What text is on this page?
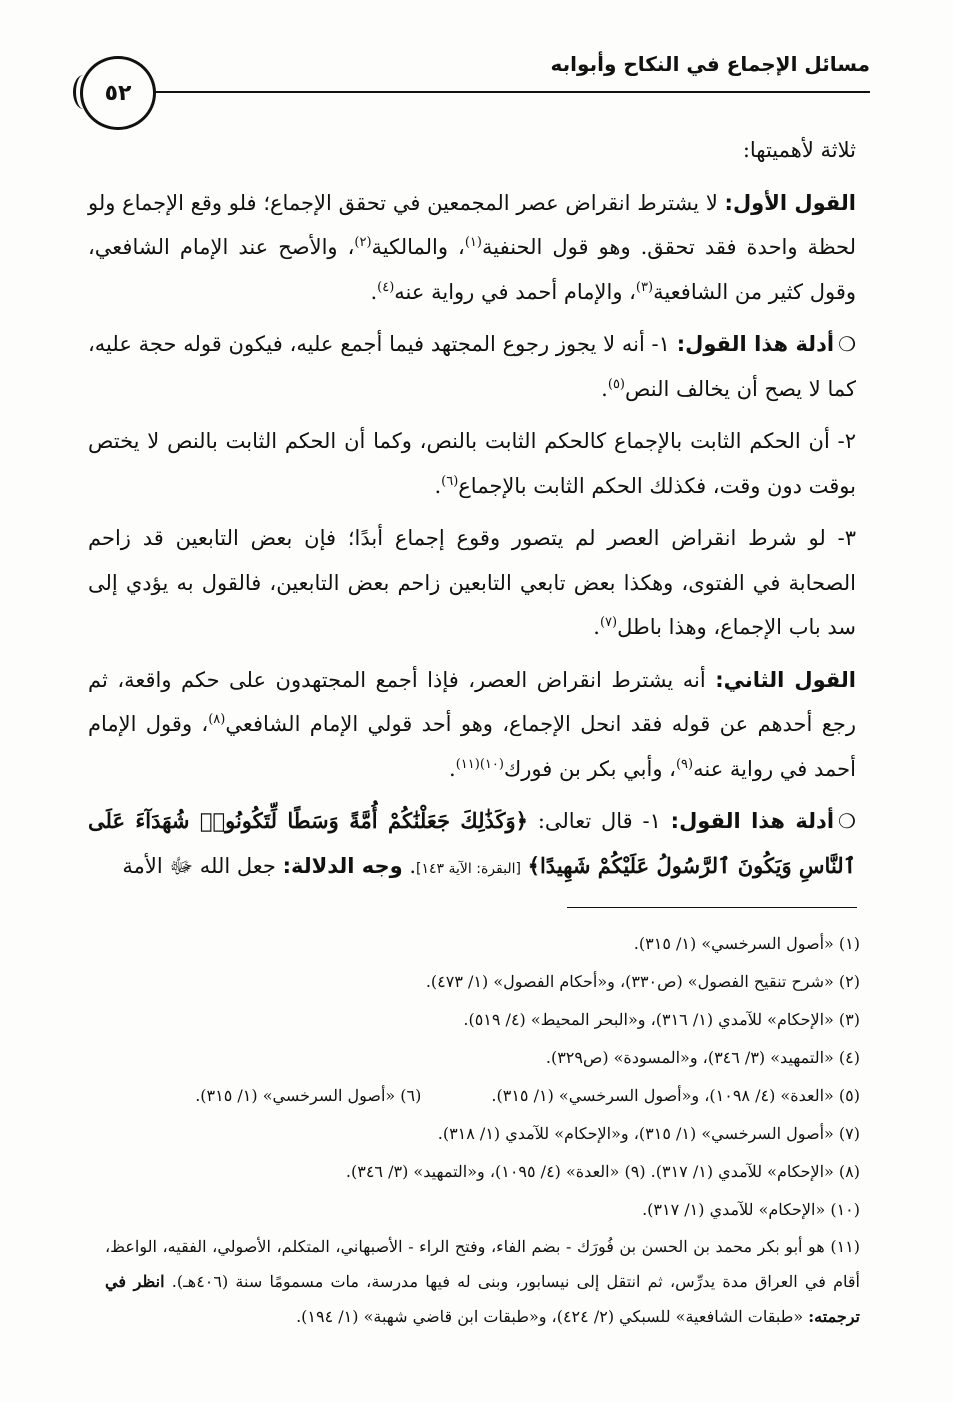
مسائل الإجماع في النكاح وأبوابه
٥٢

ثلاثة لأهميتها:

القول الأول: لا يشترط انقراض عصر المجمعين في تحقق الإجماع؛ فلو وقع الإجماع ولو لحظة واحدة فقد تحقق. وهو قول الحنفية$^{(١)}$، والمالكية$^{(٢)}$، والأصح عند الإمام الشافعي، وقول كثير من الشافعية$^{(٣)}$، والإمام أحمد في رواية عنه$^{(٤)}$.

❍أدلة هذا القول: ١- أنه لا يجوز رجوع المجتهد فيما أجمع عليه، فيكون قوله حجة عليه، كما لا يصح أن يخالف النص$^{(٥)}$.

٢- أن الحكم الثابت بالإجماع كالحكم الثابت بالنص، وكما أن الحكم الثابت بالنص لا يختص بوقت دون وقت، فكذلك الحكم الثابت بالإجماع$^{(٦)}$.

٣- لو شرط انقراض العصر لم يتصور وقوع إجماع أبدًا؛ فإن بعض التابعين قد زاحم الصحابة في الفتوى، وهكذا بعض تابعي التابعين زاحم بعض التابعين، فالقول به يؤدي إلى سد باب الإجماع، وهذا باطل$^{(٧)}$.

القول الثاني: أنه يشترط انقراض العصر، فإذا أجمع المجتهدون على حكم واقعة، ثم رجع أحدهم عن قوله فقد انحل الإجماع، وهو أحد قولي الإمام الشافعي$^{(٨)}$، وقول الإمام أحمد في رواية عنه$^{(٩)}$، وأبي بكر بن فورك$^{(١٠)(١١)}$.

❍أدلة هذا القول: ١- قال تعالى: ﴿وَكَذَٰلِكَ جَعَلْنَٰكُمْ أُمَّةً وَسَطًا لِّتَكُونُوا۟ شُهَدَآءَ عَلَى ٱلنَّاسِ وَيَكُونَ ٱلرَّسُولُ عَلَيْكُمْ شَهِيدًا﴾ [البقرة: الآية ١٤٣]. وجه الدلالة: جعل الله ﷻ الأمة

(١) «أصول السرخسي» (١/ ٣١٥).
(٢) «شرح تنقيح الفصول» (ص٣٣٠)، و«أحكام الفصول» (١/ ٤٧٣).
(٣) «الإحكام» للآمدي (١/ ٣١٦)، و«البحر المحيط» (٤/ ٥١٩).
(٤) «التمهيد» (٣/ ٣٤٦)، و«المسودة» (ص٣٢٩).
(٥) «العدة» (٤/ ١٠٩٨)، و«أصول السرخسي» (١/ ٣١٥).(٦) «أصول السرخسي» (١/ ٣١٥).
(٧) «أصول السرخسي» (١/ ٣١٥)، و«الإحكام» للآمدي (١/ ٣١٨).
(٨) «الإحكام» للآمدي (١/ ٣١٧). (٩) «العدة» (٤/ ١٠٩٥)، و«التمهيد» (٣/ ٣٤٦).
(١٠) «الإحكام» للآمدي (١/ ٣١٧).
(١١) هو أبو بكر محمد بن الحسن بن فُورَك - بضم الفاء، وفتح الراء - الأصبهاني، المتكلم، الأصولي، الفقيه، الواعظ، أقام في العراق مدة يدرِّس، ثم انتقل إلى نيسابور، وبنى له فيها مدرسة، مات مسمومًا سنة (٤٠٦هـ). انظر في ترجمته: «طبقات الشافعية» للسبكي (٢/ ٤٢٤)، و«طبقات ابن قاضي شهبة» (١/ ١٩٤).
